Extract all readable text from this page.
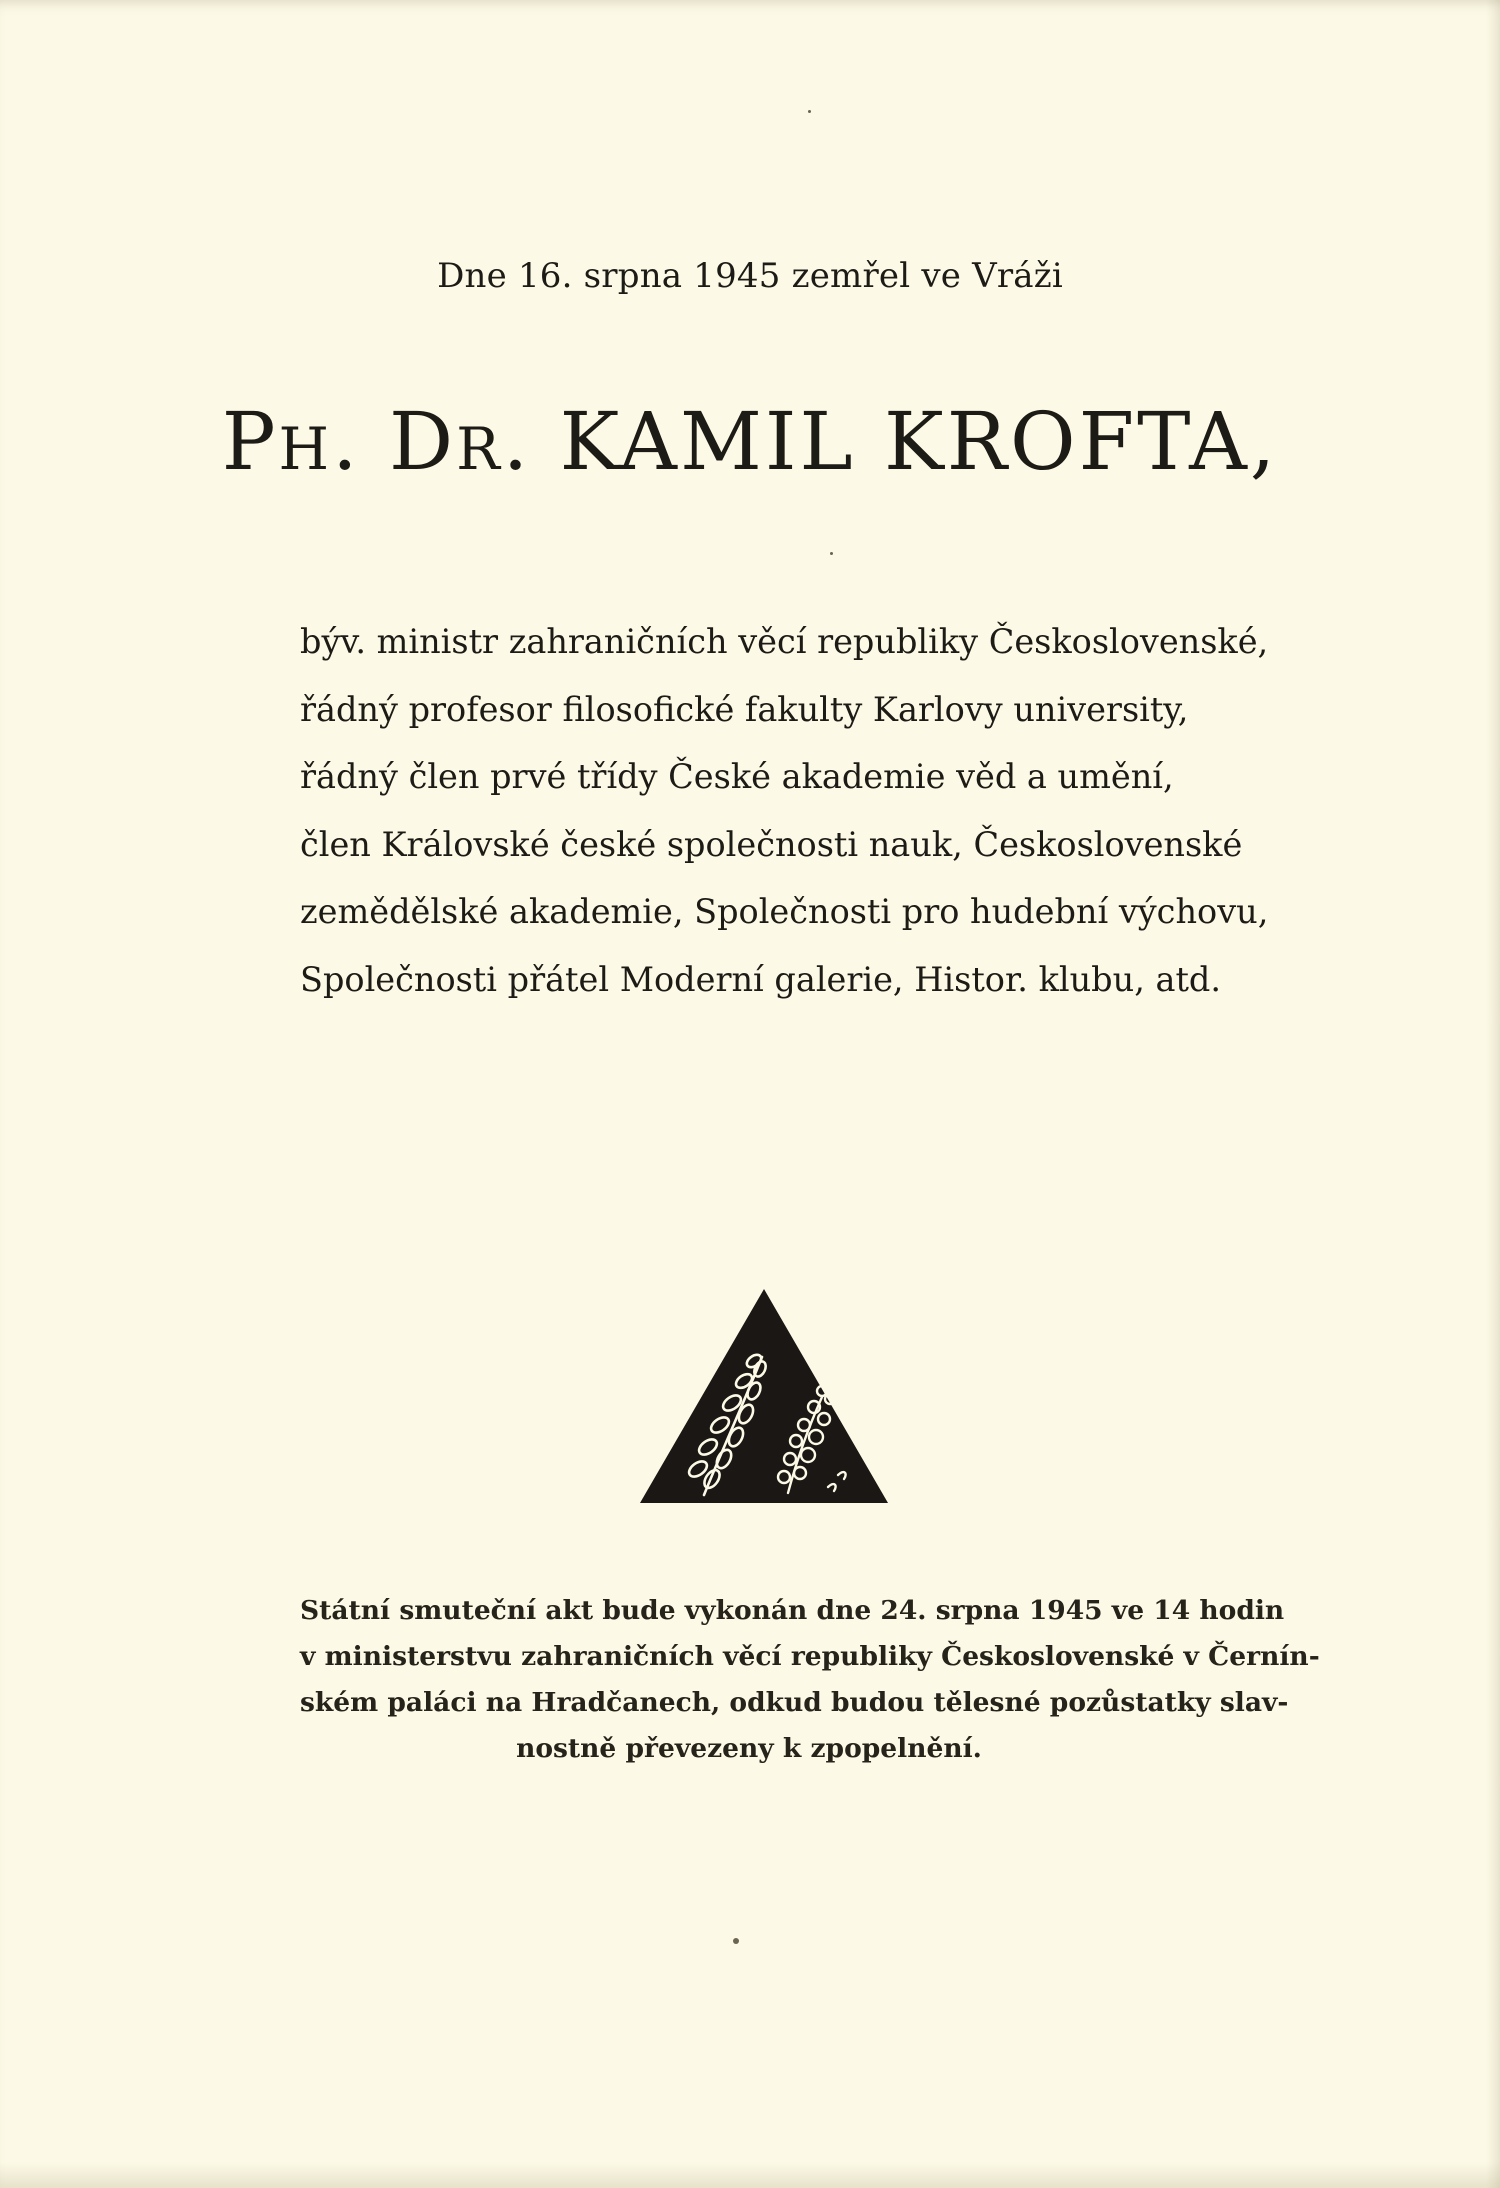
Dne 16. srpna 1945 zemřel ve Vráži
PH. DR. KAMIL KROFTA,
býv. ministr zahraničních věcí republiky Československé,
řádný profesor filosofické fakulty Karlovy university,
řádný člen prvé třídy České akademie věd a umění,
člen Královské české společnosti nauk, Československé
zemědělské akademie, Společnosti pro hudební výchovu,
Společnosti přátel Moderní galerie, Histor. klubu, atd.
Státní smuteční akt bude vykonán dne 24. srpna 1945 ve 14 hodin
v ministerstvu zahraničních věcí republiky Československé v Černín-
ském paláci na Hradčanech, odkud budou tělesné pozůstatky slav-
nostně převezeny k zpopelnění.
